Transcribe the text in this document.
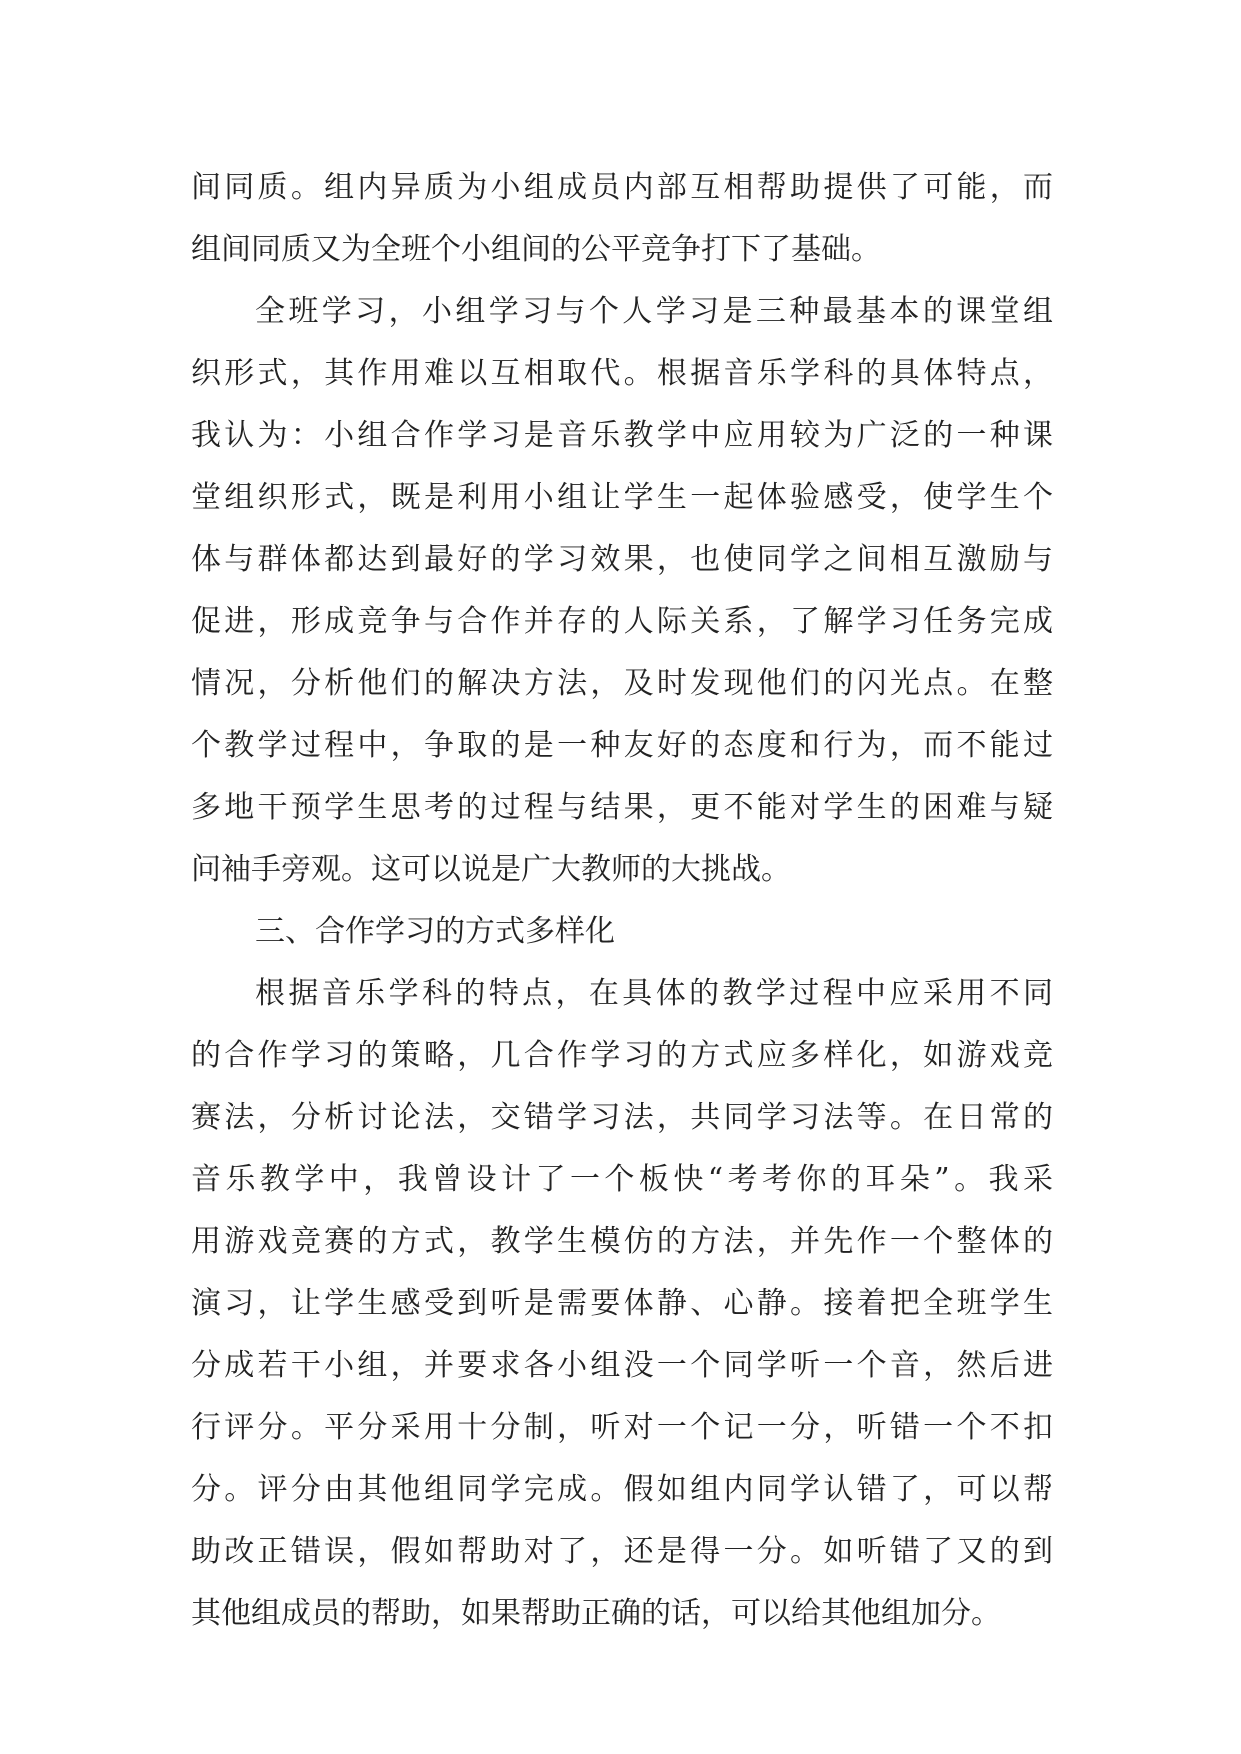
间同质。组内异质为小组成员内部互相帮助提供了可能，而
组间同质又为全班个小组间的公平竞争打下了基础。
全班学习，小组学习与个人学习是三种最基本的课堂组
织形式，其作用难以互相取代。根据音乐学科的具体特点，
我认为：小组合作学习是音乐教学中应用较为广泛的一种课
堂组织形式，既是利用小组让学生一起体验感受，使学生个
体与群体都达到最好的学习效果，也使同学之间相互激励与
促进，形成竞争与合作并存的人际关系，了解学习任务完成
情况，分析他们的解决方法，及时发现他们的闪光点。在整
个教学过程中，争取的是一种友好的态度和行为，而不能过
多地干预学生思考的过程与结果，更不能对学生的困难与疑
问袖手旁观。这可以说是广大教师的大挑战。
三、合作学习的方式多样化
根据音乐学科的特点，在具体的教学过程中应采用不同
的合作学习的策略，几合作学习的方式应多样化，如游戏竞
赛法，分析讨论法，交错学习法，共同学习法等。在日常的
音乐教学中，我曾设计了一个板快“考考你的耳朵”。我采
用游戏竞赛的方式，教学生模仿的方法，并先作一个整体的
演习，让学生感受到听是需要体静、心静。接着把全班学生
分成若干小组，并要求各小组没一个同学听一个音，然后进
行评分。平分采用十分制，听对一个记一分，听错一个不扣
分。评分由其他组同学完成。假如组内同学认错了，可以帮
助改正错误，假如帮助对了，还是得一分。如听错了又的到
其他组成员的帮助，如果帮助正确的话，可以给其他组加分。
